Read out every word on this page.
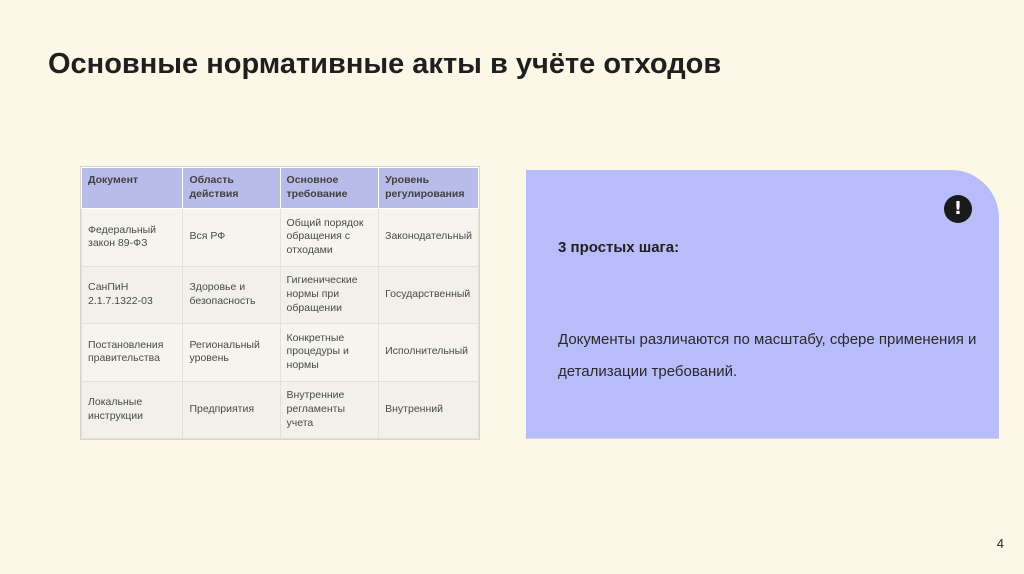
Основные нормативные акты в учёте отходов
Документ	Область действия	Основное требование	Уровень регулирования
Федеральный закон 89-ФЗ	Вся РФ	Общий порядок обращения с отходами	Законодательный
СанПиН 2.1.7.1322-03	Здоровье и безопасность	Гигиенические нормы при обращении	Государственный
Постановления правительства	Региональный уровень	Конкретные процедуры и нормы	Исполнительный
Локальные инструкции	Предприятия	Внутренние регламенты учета	Внутренний
!
3 простых шага:
Документы различаются по масштабу, сфере применения и детализации требований.
4
